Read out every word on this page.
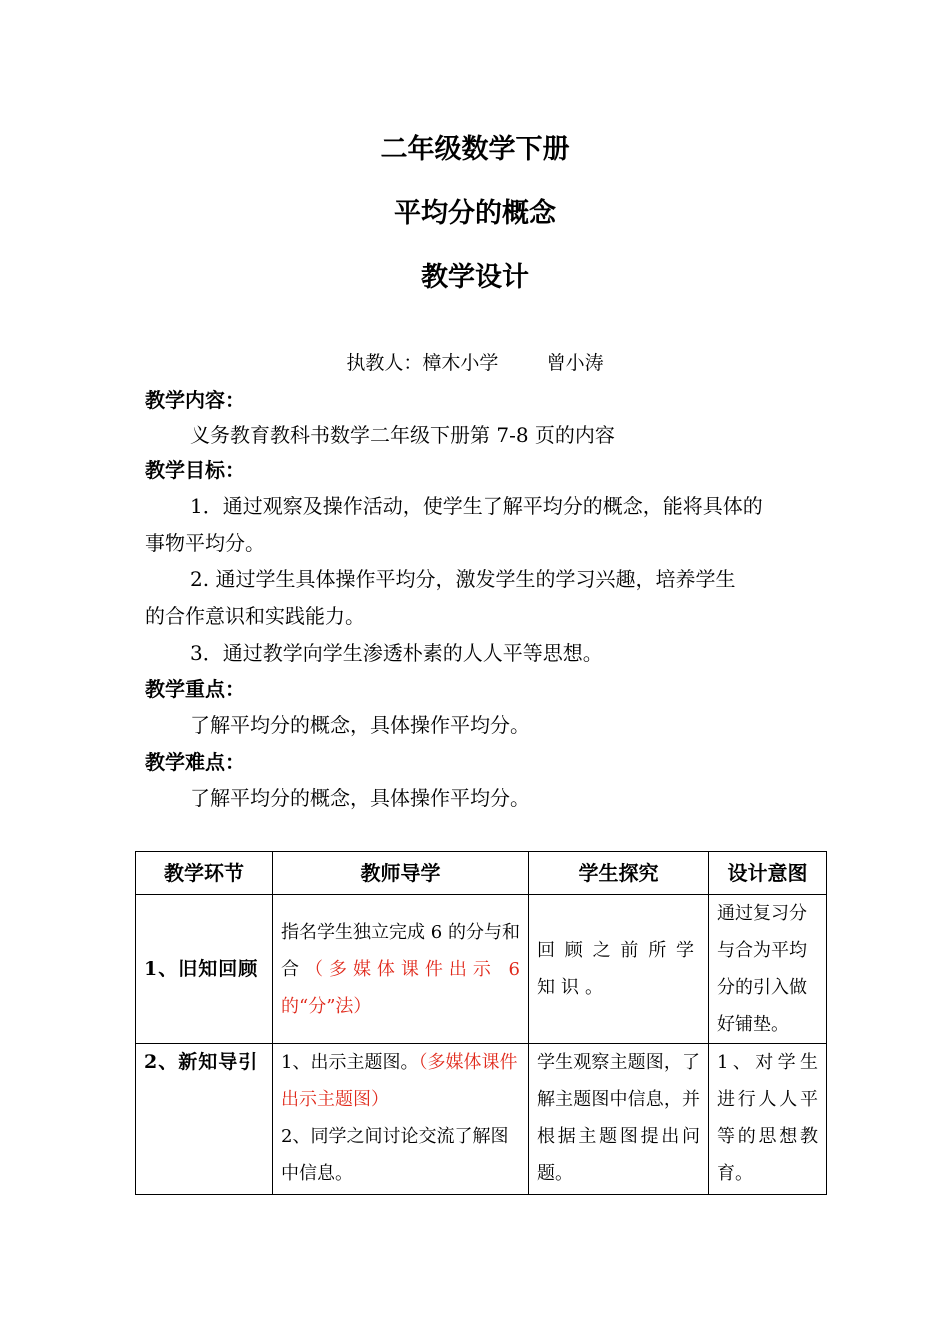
二年级数学下册
平均分的概念
教学设计
执教人：樟木小学        曾小涛
教学内容：
义务教育教科书数学二年级下册第 7-8 页的内容
教学目标：
1．通过观察及操作活动，使学生了解平均分的概念，能将具体的
事物平均分。
2. 通过学生具体操作平均分，激发学生的学习兴趣，培养学生
的合作意识和实践能力。
3．通过教学向学生渗透朴素的人人平等思想。
教学重点：
了解平均分的概念，具体操作平均分。
教学难点：
了解平均分的概念，具体操作平均分。
教学环节	教师导学	学生探究	设计意图
1、旧知回顾	指名学生独立完成 6 的分与和合（多媒体课件出示 6 的“分”法）	回顾之前所学知识。	通过复习分与合为平均分的引入做好铺垫。

2、新知导引	1、出示主题图。（多媒体课件出示主题图）
2、同学之间讨论交流了解图中信息。	学生观察主题图，了解主题图中信息，并根据主题图提出问题。	1、对学生进行人人平等的思想教育。
